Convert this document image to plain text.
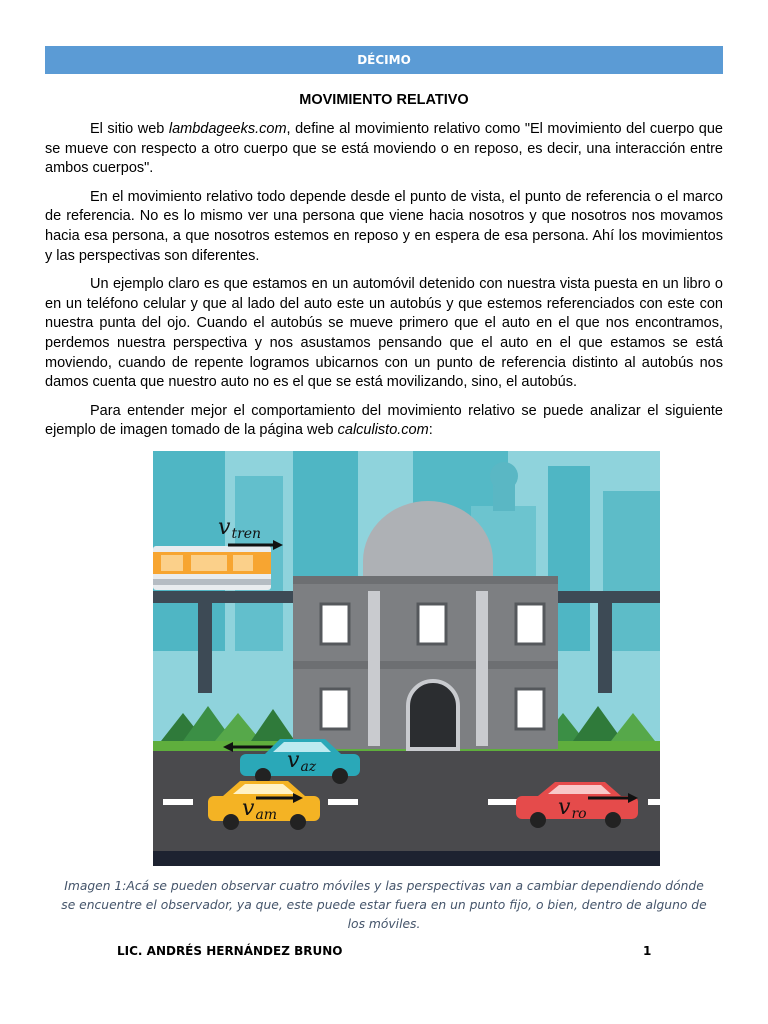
DÉCIMO
MOVIMIENTO RELATIVO

El sitio web lambdageeks.com, define al movimiento relativo como "El movimiento del cuerpo que se mueve con respecto a otro cuerpo que se está moviendo o en reposo, es decir, una interacción entre ambos cuerpos".

En el movimiento relativo todo depende desde el punto de vista, el punto de referencia o el marco de referencia. No es lo mismo ver una persona que viene hacia nosotros y que nosotros nos movamos hacia esa persona, a que nosotros estemos en reposo y en espera de esa persona. Ahí los movimientos y las perspectivas son diferentes.

Un ejemplo claro es que estamos en un automóvil detenido con nuestra vista puesta en un libro o en un teléfono celular y que al lado del auto este un autobús y que estemos referenciados con este con nuestra punta del ojo. Cuando el autobús se mueve primero que el auto en el que nos encontramos, perdemos nuestra perspectiva y nos asustamos pensando que el auto en el que estamos se está moviendo, cuando de repente logramos ubicarnos con un punto de referencia distinto al autobús nos damos cuenta que nuestro auto no es el que se está movilizando, sino, el autobús.

Para entender mejor el comportamiento del movimiento relativo se puede analizar el siguiente ejemplo de imagen tomado de la página web calculisto.com:

vtren
vaz
vam	vro
Imagen 1:Acá se pueden observar cuatro móviles y las perspectivas van a cambiar dependiendo dónde se encuentre el observador, ya que, este puede estar fuera en un punto fijo, o bien, dentro de alguno de los móviles.
LIC. ANDRÉS HERNÁNDEZ BRUNO	1
